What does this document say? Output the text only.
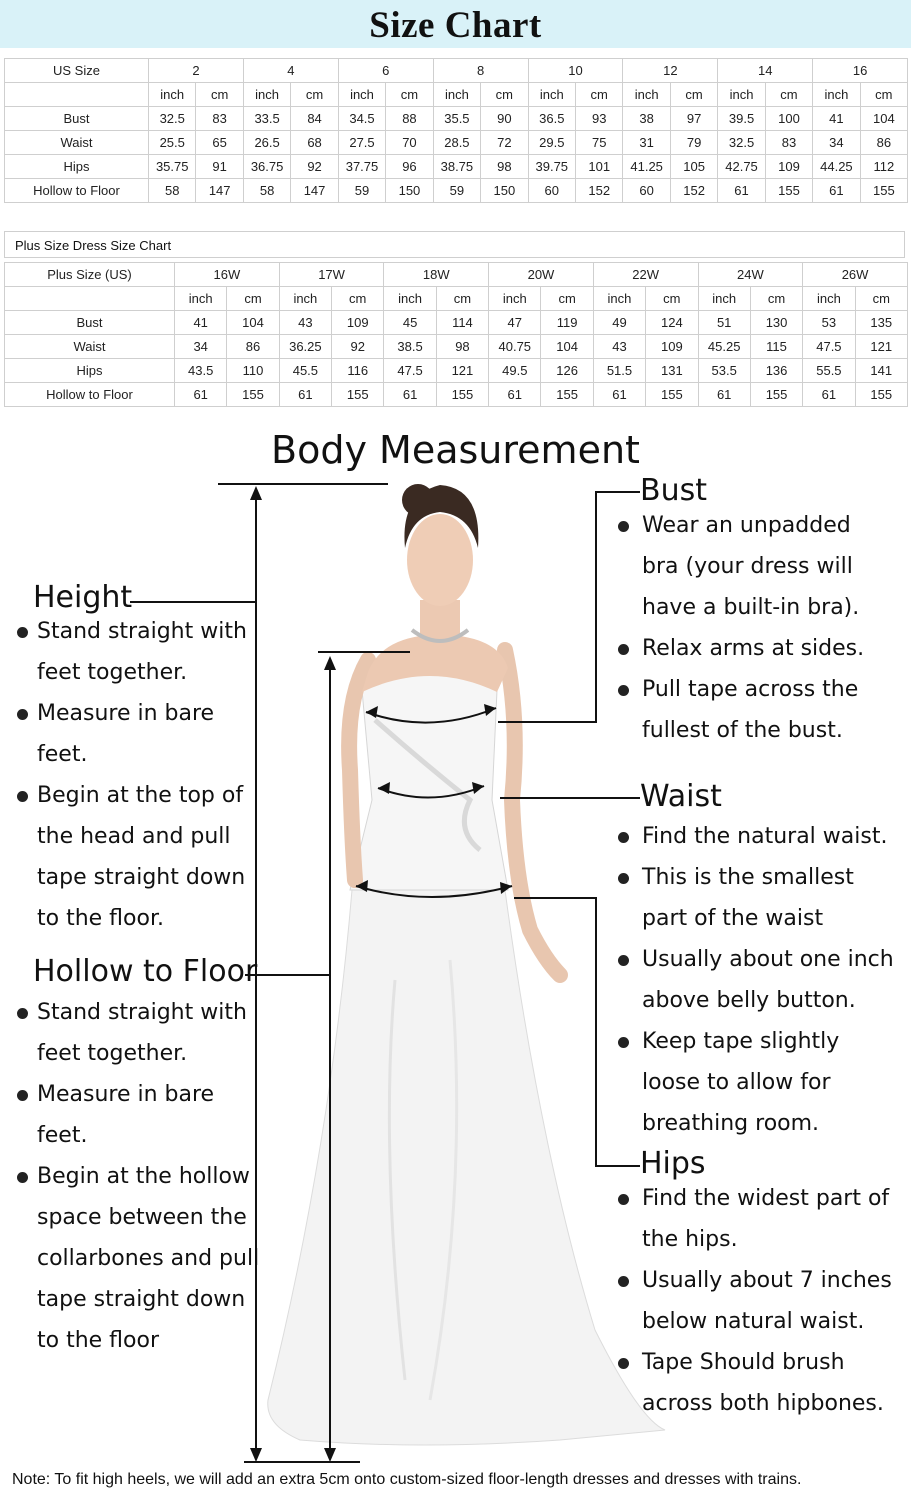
Size Chart
US Size	2		4		6		8		10		12		14		16	
	inch	cm	inch	cm	inch	cm	inch	cm	inch	cm	inch	cm	inch	cm	inch	cm
Bust	32.5	83	33.5	84	34.5	88	35.5	90	36.5	93	38	97	39.5	100	41	104
Waist	25.5	65	26.5	68	27.5	70	28.5	72	29.5	75	31	79	32.5	83	34	86
Hips	35.75	91	36.75	92	37.75	96	38.75	98	39.75	101	41.25	105	42.75	109	44.25	112
Hollow to Floor	58	147	58	147	59	150	59	150	60	152	60	152	61	155	61	155
Plus Size Dress Size Chart
Plus Size (US)	16W		17W		18W		20W		22W		24W		26W	
	inch	cm	inch	cm	inch	cm	inch	cm	inch	cm	inch	cm	inch	cm
Bust	41	104	43	109	45	114	47	119	49	124	51	130	53	135
Waist	34	86	36.25	92	38.5	98	40.75	104	43	109	45.25	115	47.5	121
Hips	43.5	110	45.5	116	47.5	121	49.5	126	51.5	131	53.5	136	55.5	141
Hollow to Floor	61	155	61	155	61	155	61	155	61	155	61	155	61	155
Body Measurement
Height
Stand straight with feet together.
Measure in bare feet.
Begin at the top of the head and pull tape straight down to the floor.
Hollow to Floor
Stand straight with feet together.
Measure in bare feet.
Begin at the hollow space between the collarbones and pull tape straight down to the floor
Bust
Wear an unpadded bra (your dress will have a built-in bra).
Relax arms at sides.
Pull tape across the fullest of the bust.
Waist
Find the natural waist.
This is the smallest part of the waist
Usually about one inch above belly button.
Keep tape slightly loose to allow for breathing room.
Hips
Find the widest part of the hips.
Usually about 7 inches below natural waist.
Tape Should brush across both hipbones.
Note: To fit high heels, we will add an extra 5cm onto custom-sized floor-length dresses and dresses with trains.
